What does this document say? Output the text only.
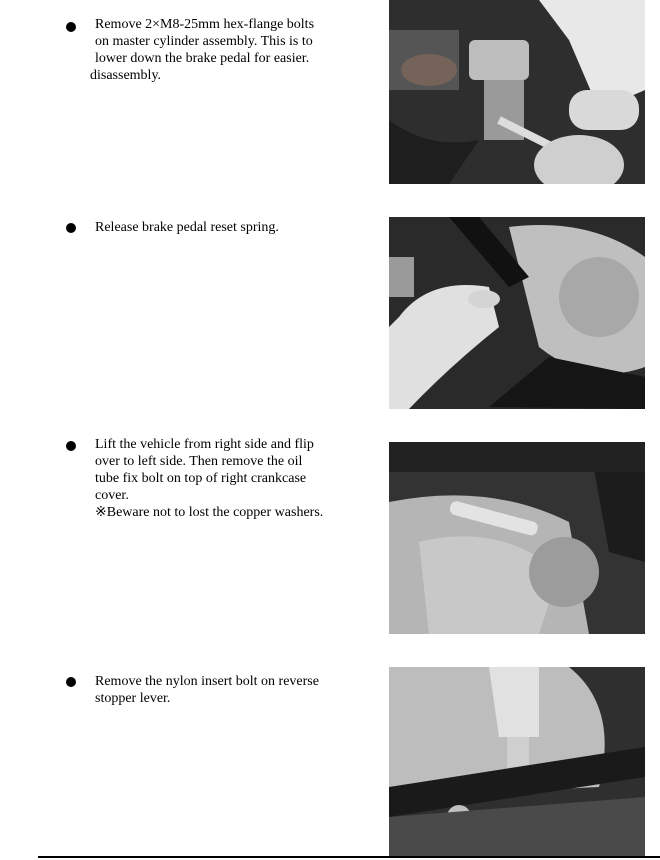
Remove 2×M8-25mm hex-flange bolts

on master cylinder assembly. This is to

lower down the brake pedal for easier.

disassembly.

Release brake pedal reset spring.

Lift the vehicle from right side and flip

over to left side. Then remove the oil

tube fix bolt on top of right crankcase

cover.

※Beware not to lost the copper washers.

Remove the nylon insert bolt on reverse

stopper lever.
